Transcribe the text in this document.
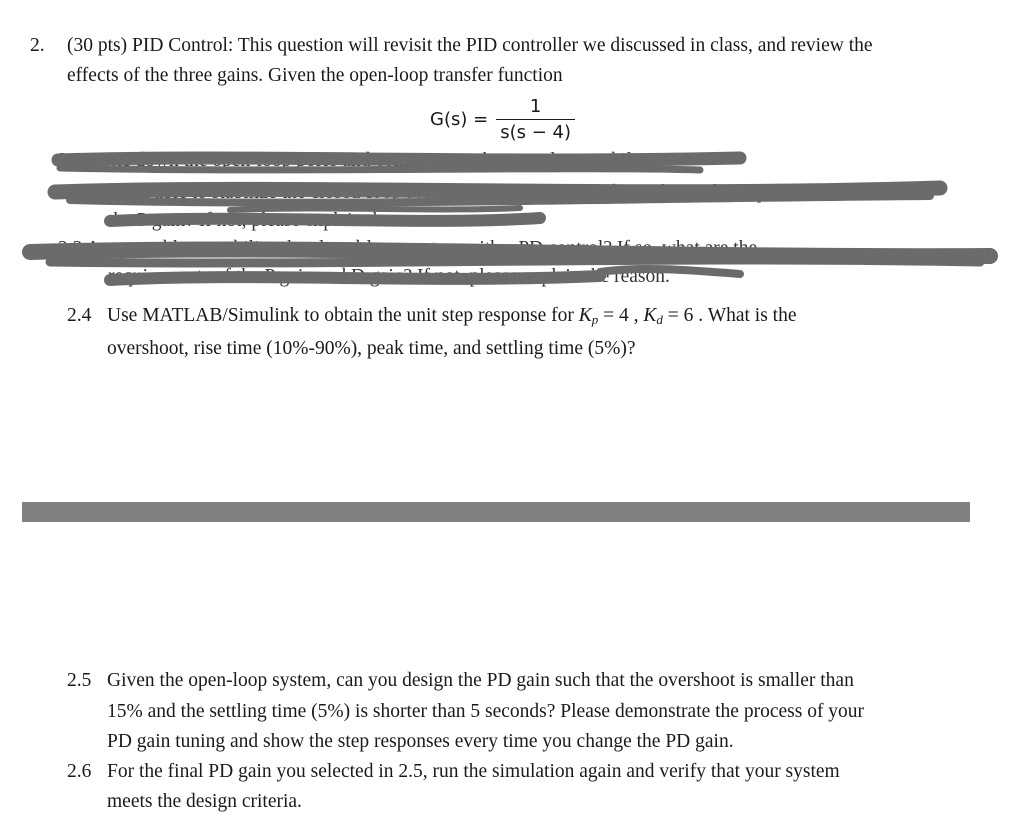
2. (30 pts) PID Control: This question will revisit the PID controller we discussed in class, and review the
effects of the three gains. Given the open-loop transfer function
$G(s) = \frac{1}{s(s - 4)}$
2.1 Write down the open-loop poles and comment on the open-loop stability.
2.2 Are you able to stabilize the closed-loop system with a P control? If so, what is the requirement of
the P gain? If not, please explain the reason.
2.3 Are you able to stabilize the closed-loop system with a PD control? If so, what are the
requirements of the P gain and D gain? If not, please explain the reason.
2.4 Use MATLAB/Simulink to obtain the unit step response for $K_p = 4$ , $K_d = 6$ . What is the
overshoot, rise time (10%-90%), peak time, and settling time (5%)?
2.5 Given the open-loop system, can you design the PD gain such that the overshoot is smaller than
15% and the settling time (5%) is shorter than 5 seconds? Please demonstrate the process of your
PD gain tuning and show the step responses every time you change the PD gain.
2.6 For the final PD gain you selected in 2.5, run the simulation again and verify that your system
meets the design criteria.
